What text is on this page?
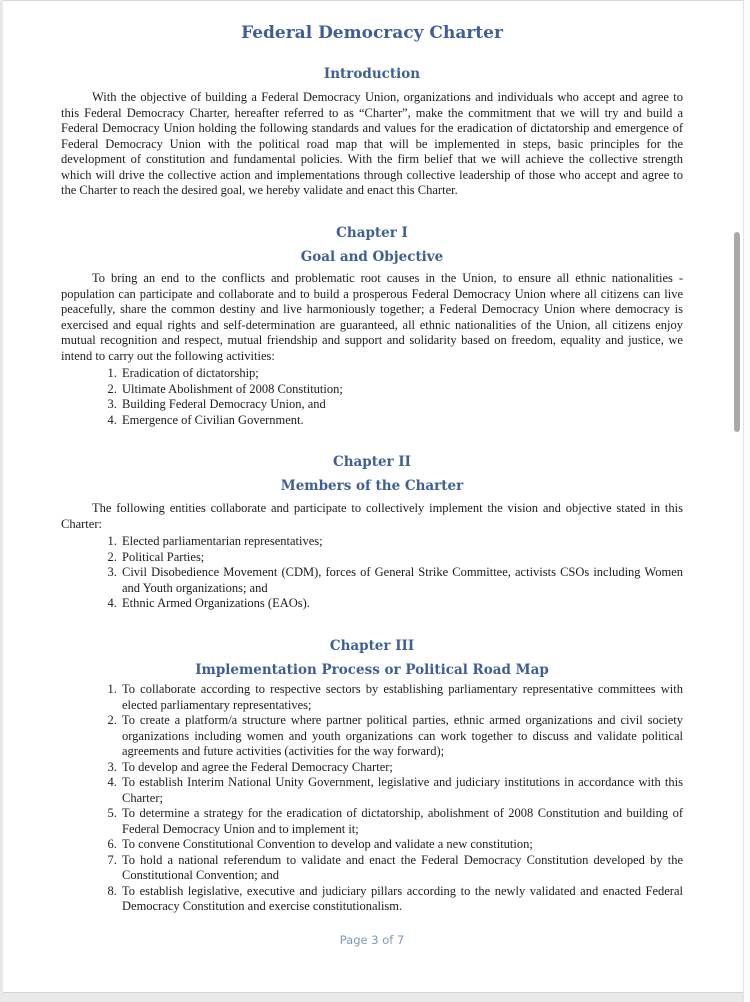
Federal Democracy Charter
Introduction

With the objective of building a Federal Democracy Union, organizations and individuals who accept and agree to this Federal Democracy Charter, hereafter referred to as “Charter”, make the commitment that we will try and build a Federal Democracy Union holding the following standards and values for the eradication of dictatorship and emergence of Federal Democracy Union with the political road map that will be implemented in steps, basic principles for the development of constitution and fundamental policies. With the firm belief that we will achieve the collective strength which will drive the collective action and implementations through collective leadership of those who accept and agree to the Charter to reach the desired goal, we hereby validate and enact this Charter.

Chapter I
Goal and Objective

To bring an end to the conflicts and problematic root causes in the Union, to ensure all ethnic nationalities - population can participate and collaborate and to build a prosperous Federal Democracy Union where all citizens can live peacefully, share the common destiny and live harmoniously together; a Federal Democracy Union where democracy is exercised and equal rights and self-determination are guaranteed, all ethnic nationalities of the Union, all citizens enjoy mutual recognition and respect, mutual friendship and support and solidarity based on freedom, equality and justice, we intend to carry out the following activities:

1. Eradication of dictatorship;
2. Ultimate Abolishment of 2008 Constitution;
3. Building Federal Democracy Union, and
4. Emergence of Civilian Government.
Chapter II
Members of the Charter

The following entities collaborate and participate to collectively implement the vision and objective stated in this Charter:

1. Elected parliamentarian representatives;
2. Political Parties;
3. Civil Disobedience Movement (CDM), forces of General Strike Committee, activists CSOs including Women and Youth organizations; and
4. Ethnic Armed Organizations (EAOs).
Chapter III
Implementation Process or Political Road Map
1. To collaborate according to respective sectors by establishing parliamentary representative committees with elected parliamentary representatives;
2. To create a platform/a structure where partner political parties, ethnic armed organizations and civil society organizations including women and youth organizations can work together to discuss and validate political agreements and future activities (activities for the way forward);
3. To develop and agree the Federal Democracy Charter;
4. To establish Interim National Unity Government, legislative and judiciary institutions in accordance with this Charter;
5. To determine a strategy for the eradication of dictatorship, abolishment of 2008 Constitution and building of Federal Democracy Union and to implement it;
6. To convene Constitutional Convention to develop and validate a new constitution;
7. To hold a national referendum to validate and enact the Federal Democracy Constitution developed by the Constitutional Convention; and
8. To establish legislative, executive and judiciary pillars according to the newly validated and enacted Federal Democracy Constitution and exercise constitutionalism.
Page 3 of 7
